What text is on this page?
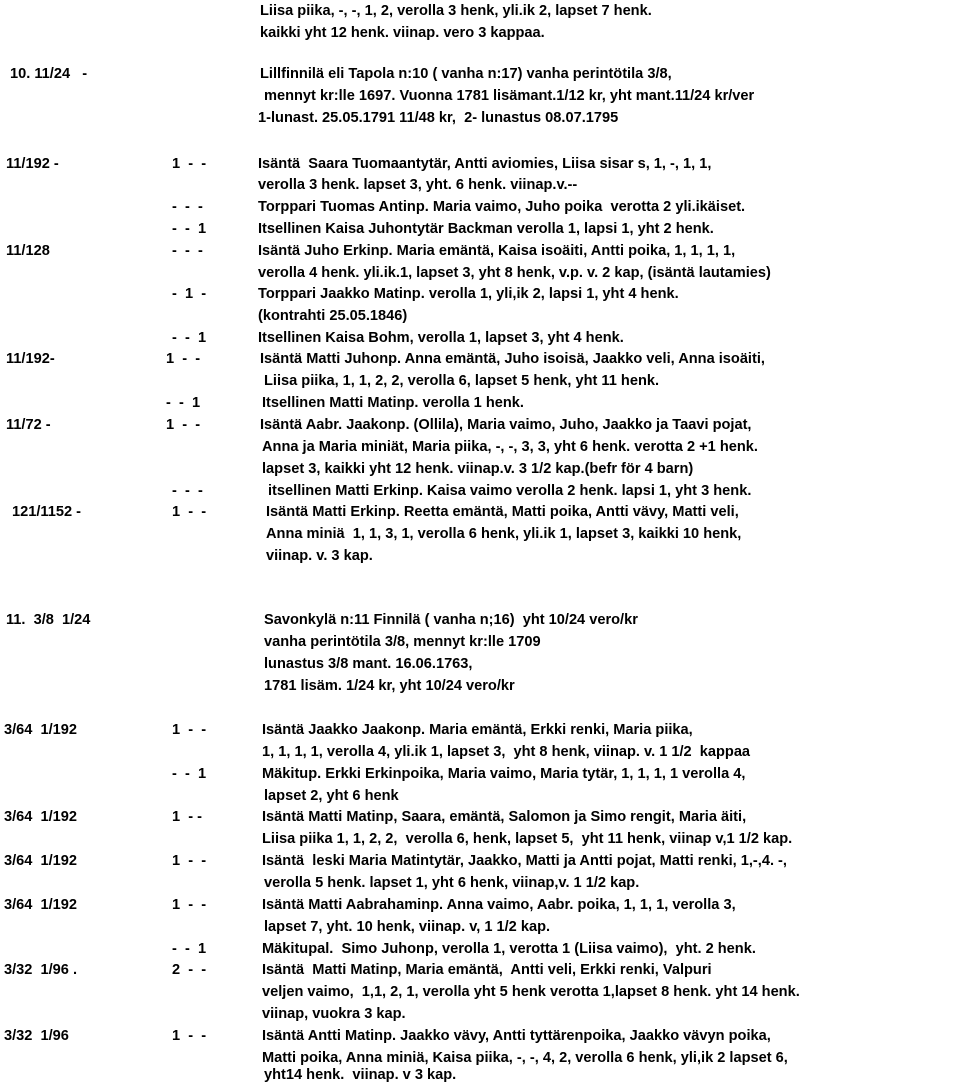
Liisa piika, -, -, 1, 2, verolla 3 henk, yli.ik 2, lapset 7 henk.
kaikki yht 12 henk. viinap. vero 3 kappaa.
10. 11/24   -	Lillfinnilä eli Tapola n:10 ( vanha n:17) vanha perintötila 3/8,
mennyt kr:lle 1697. Vuonna 1781 lisämant.1/12 kr, yht mant.11/24 kr/ver
1-lunast. 25.05.1791 11/48 kr,  2- lunastus 08.07.1795
11/192 -	1  -  -	Isäntä  Saara Tuomaantytär, Antti aviomies, Liisa sisar s, 1, -, 1, 1,
verolla 3 henk. lapset 3, yht. 6 henk. viinap.v.--
-  -  -	Torppari Tuomas Antinp. Maria vaimo, Juho poika  verotta 2 yli.ikäiset.
-  -  1	Itsellinen Kaisa Juhontytär Backman verolla 1, lapsi 1, yht 2 henk.
11/128	-  -  -	Isäntä Juho Erkinp. Maria emäntä, Kaisa isoäiti, Antti poika, 1, 1, 1, 1,
verolla 4 henk. yli.ik.1, lapset 3, yht 8 henk, v.p. v. 2 kap, (isäntä lautamies)
-  1  -	Torppari Jaakko Matinp. verolla 1, yli,ik 2, lapsi 1, yht 4 henk.
(kontrahti 25.05.1846)
-  -  1	Itsellinen Kaisa Bohm, verolla 1, lapset 3, yht 4 henk.
11/192-	1  -  -	Isäntä Matti Juhonp. Anna emäntä, Juho isoisä, Jaakko veli, Anna isoäiti,
Liisa piika, 1, 1, 2, 2, verolla 6, lapset 5 henk, yht 11 henk.
-  -  1	Itsellinen Matti Matinp. verolla 1 henk.
11/72 -	1  -  -	Isäntä Aabr. Jaakonp. (Ollila), Maria vaimo, Juho, Jaakko ja Taavi pojat,
Anna ja Maria miniät, Maria piika, -, -, 3, 3, yht 6 henk. verotta 2 +1 henk.
lapset 3, kaikki yht 12 henk. viinap.v. 3 1/2 kap.(befr för 4 barn)
-  -  -	itsellinen Matti Erkinp. Kaisa vaimo verolla 2 henk. lapsi 1, yht 3 henk.
121/1152 -	1  -  -	Isäntä Matti Erkinp. Reetta emäntä, Matti poika, Antti vävy, Matti veli,
Anna miniä  1, 1, 3, 1, verolla 6 henk, yli.ik 1, lapset 3, kaikki 10 henk,
viinap. v. 3 kap.
11.  3/8  1/24	Savonkylä n:11 Finnilä ( vanha n;16)  yht 10/24 vero/kr
vanha perintötila 3/8, mennyt kr:lle 1709
lunastus 3/8 mant. 16.06.1763,
1781 lisäm. 1/24 kr, yht 10/24 vero/kr
3/64  1/192	1  -  -	Isäntä Jaakko Jaakonp. Maria emäntä, Erkki renki, Maria piika,
1, 1, 1, 1, verolla 4, yli.ik 1, lapset 3,  yht 8 henk, viinap. v. 1 1/2  kappaa
-  -  1	Mäkitup. Erkki Erkinpoika, Maria vaimo, Maria tytär, 1, 1, 1, 1 verolla 4,
lapset 2, yht 6 henk
3/64  1/192	1  - -	Isäntä Matti Matinp, Saara, emäntä, Salomon ja Simo rengit, Maria äiti,
Liisa piika 1, 1, 2, 2,  verolla 6, henk, lapset 5,  yht 11 henk, viinap v,1 1/2 kap.
3/64  1/192	1  -  -	Isäntä  leski Maria Matintytär, Jaakko, Matti ja Antti pojat, Matti renki, 1,-,4. -,
verolla 5 henk. lapset 1, yht 6 henk, viinap,v. 1 1/2 kap.
3/64  1/192	1  -  -	Isäntä Matti Aabrahaminp. Anna vaimo, Aabr. poika, 1, 1, 1, verolla 3,
lapset 7, yht. 10 henk, viinap. v, 1 1/2 kap.
-  -  1	Mäkitupal.  Simo Juhonp, verolla 1, verotta 1 (Liisa vaimo),  yht. 2 henk.
3/32  1/96 .	2  -  -	Isäntä  Matti Matinp, Maria emäntä,  Antti veli, Erkki renki, Valpuri
veljen vaimo,  1,1, 2, 1, verolla yht 5 henk verotta 1,lapset 8 henk. yht 14 henk.
viinap, vuokra 3 kap.
3/32  1/96	1  -  -	Isäntä Antti Matinp. Jaakko vävy, Antti tyttärenpoika, Jaakko vävyn poika,
Matti poika, Anna miniä, Kaisa piika, -, -, 4, 2, verolla 6 henk, yli,ik 2 lapset 6,
yht14 henk.  viinap. v 3 kap.
